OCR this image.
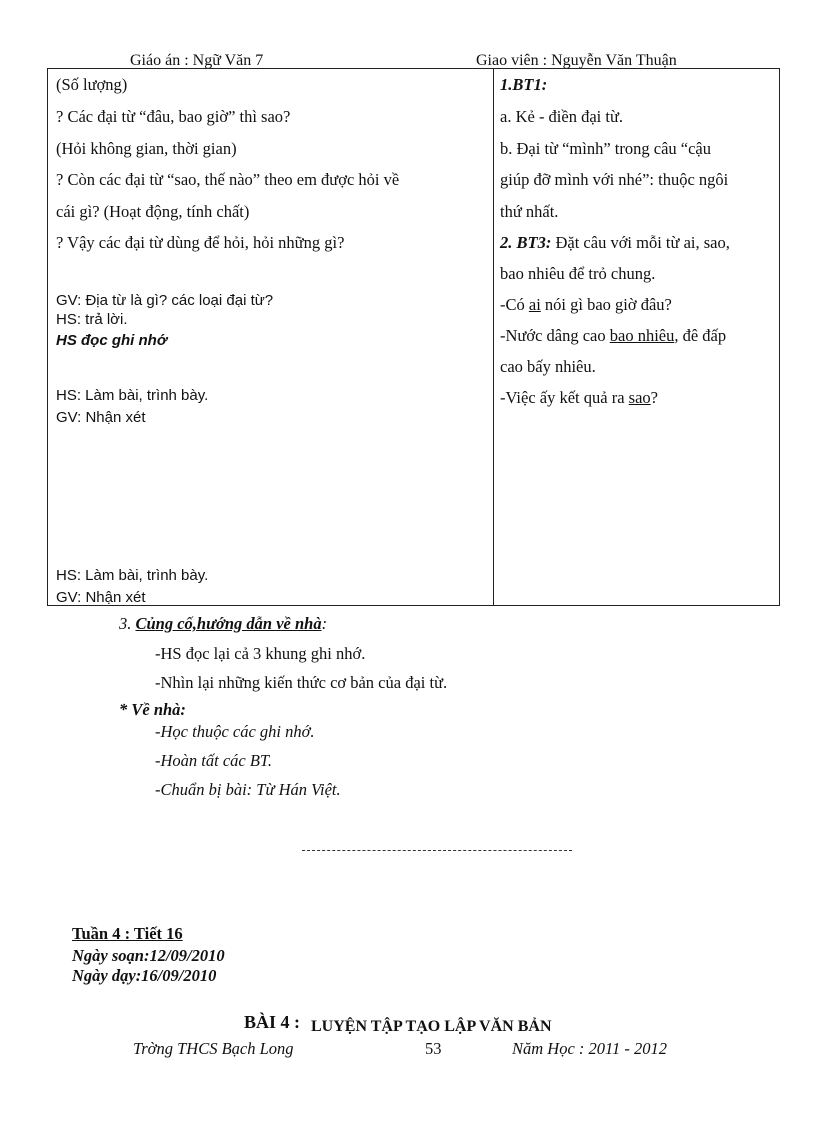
Giáo án : Ngữ Văn 7	Giao viên : Nguyễn Văn Thuận
(Số lượng)
? Các đại từ “đâu, bao giờ” thì sao?
(Hỏi không gian, thời gian)
? Còn các đại từ “sao, thế nào” theo em được hỏi về
cái gì? (Hoạt động, tính chất)
? Vậy các đại từ dùng để hỏi, hỏi những gì?
GV: Địa từ là gì? các loại đại từ?
HS: trả lời.
HS đọc ghi nhớ
HS: Làm bài, trình bày.
GV: Nhận xét
HS: Làm bài, trình bày.
GV: Nhận xét
1.BT1:
a. Kẻ - điền đại từ.
b. Đại từ “mình” trong câu “cậu
giúp đỡ mình với nhé”: thuộc ngôi
thứ nhất.
2. BT3: Đặt câu với mỗi từ ai, sao,
bao nhiêu để trỏ chung.
-Có ai nói gì bao giờ đâu?
-Nước dâng cao bao nhiêu, đê đấp
cao bấy nhiêu.
-Việc ấy kết quả ra sao?
3. Củng cố,hướng dẫn về nhà:
-HS đọc lại cả 3 khung ghi nhớ.
-Nhìn lại những kiến thức cơ bản của đại từ.
* Về nhà:
-Học thuộc các ghi nhớ.
-Hoàn tất các BT.
-Chuẩn bị bài: Từ Hán Việt.
Tuần 4 : Tiết 16
Ngày soạn:12/09/2010
Ngày dạy:16/09/2010
BÀI 4 : LUYỆN TẬP TẠO LẬP VĂN BẢN
Trờng THCS Bạch Long	53	Năm Học : 2011 - 2012
